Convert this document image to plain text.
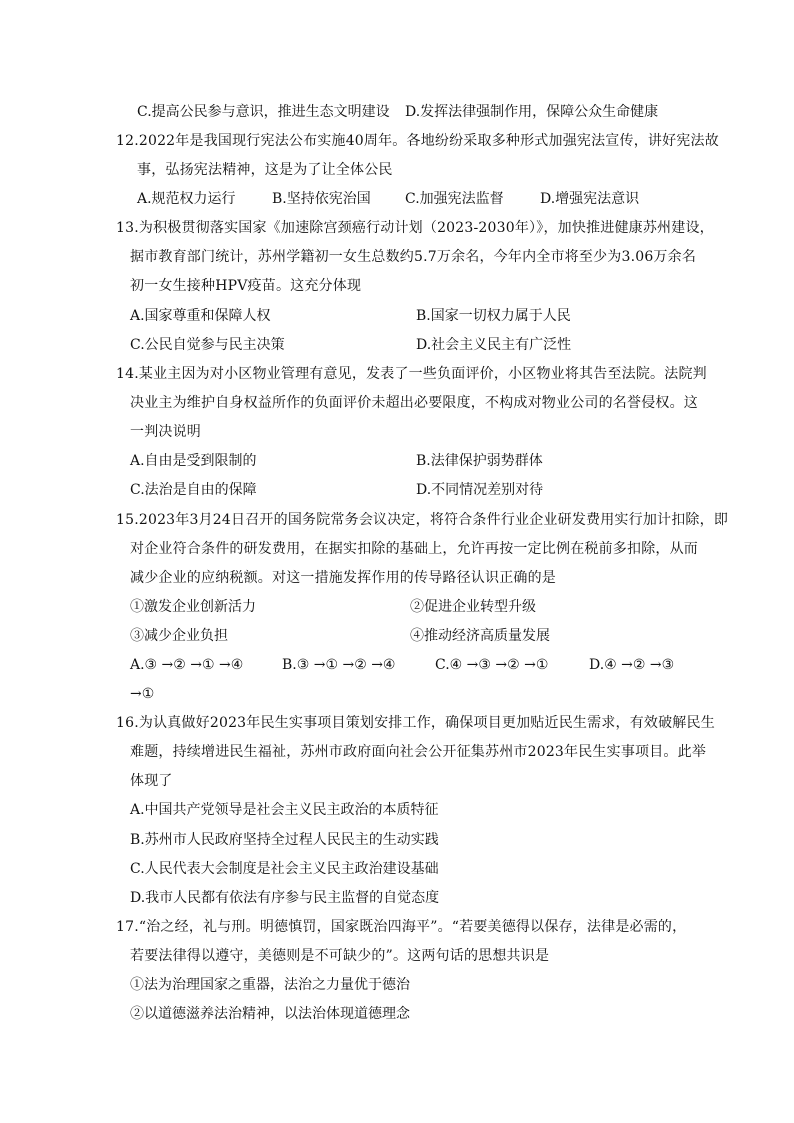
C.提高公民参与意识，推进生态文明建设 D.发挥法律强制作用，保障公众生命健康
12.2022年是我国现行宪法公布实施40周年。各地纷纷采取多种形式加强宪法宣传，讲好宪法故
事，弘扬宪法精神，这是为了让全体公民
A.规范权力运行	B.坚持依宪治国 C.加强宪法监督	D.增强宪法意识
13.为积极贯彻落实国家《加速除宫颈癌行动计划（2023-2030年）》，加快推进健康苏州建设，
据市教育部门统计，苏州学籍初一女生总数约5.7万余名，今年内全市将至少为3.06万余名
初一女生接种HPV疫苗。这充分体现
A.国家尊重和保障人权	B.国家一切权力属于人民
C.公民自觉参与民主决策	D.社会主义民主有广泛性
14.某业主因为对小区物业管理有意见，发表了一些负面评价，小区物业将其告至法院。法院判
决业主为维护自身权益所作的负面评价未超出必要限度，不构成对物业公司的名誉侵权。这
一判决说明
A.自由是受到限制的	B.法律保护弱势群体
C.法治是自由的保障	D.不同情况差别对待
15.2023年3月24日召开的国务院常务会议决定，将符合条件行业企业研发费用实行加计扣除，即
对企业符合条件的研发费用，在据实扣除的基础上，允许再按一定比例在税前多扣除，从而
减少企业的应纳税额。对这一措施发挥作用的传导路径认识正确的是
①激发企业创新活力	②促进企业转型升级
③减少企业负担	④推动经济高质量发展
A.③ →② →① →④	B.③ →① →② →④	C.④ →③ →② →①	D.④ →② →③
→①
16.为认真做好2023年民生实事项目策划安排工作，确保项目更加贴近民生需求，有效破解民生
难题，持续增进民生福祉，苏州市政府面向社会公开征集苏州市2023年民生实事项目。此举
体现了
A.中国共产党领导是社会主义民主政治的本质特征
B.苏州市人民政府坚持全过程人民民主的生动实践
C.人民代表大会制度是社会主义民主政治建设基础
D.我市人民都有依法有序参与民主监督的自觉态度
17.“治之经，礼与刑。明德慎罚，国家既治四海平”。“若要美德得以保存，法律是必需的，
若要法律得以遵守，美德则是不可缺少的”。这两句话的思想共识是
①法为治理国家之重器，法治之力量优于德治
②以道德滋养法治精神，以法治体现道德理念
